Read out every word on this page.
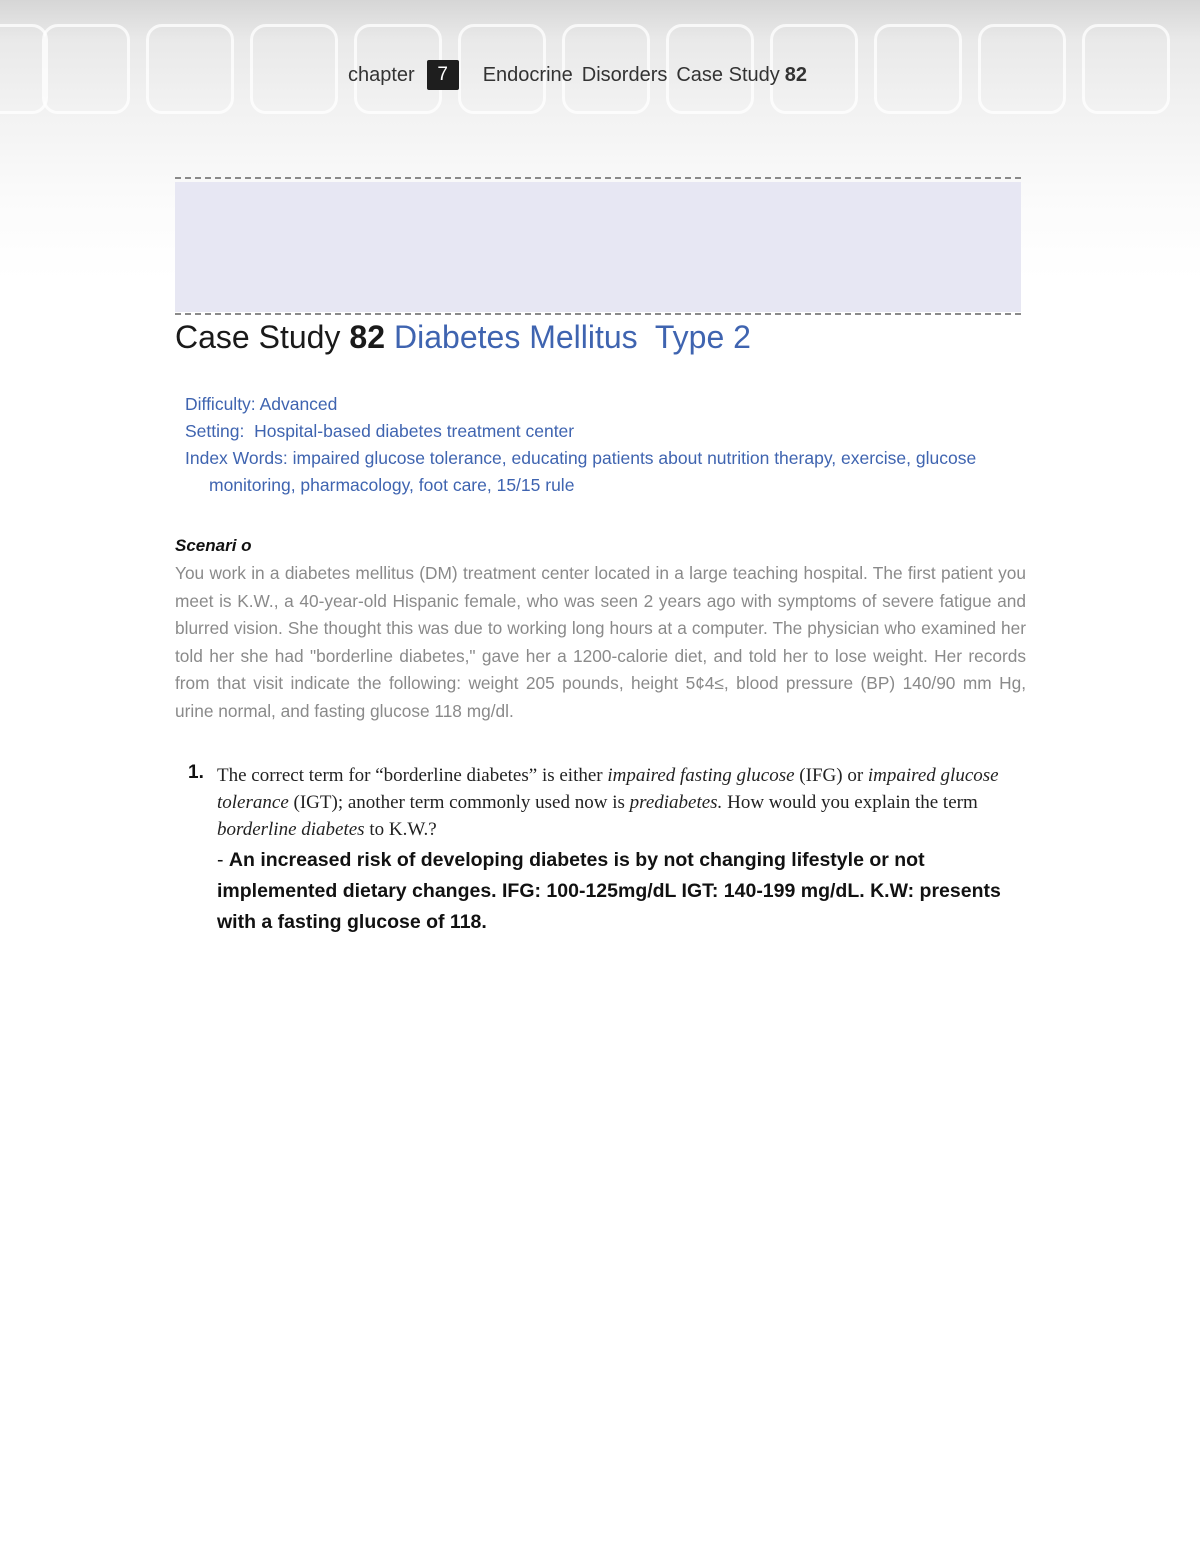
chapter	7	Endocrine Disorders Case Study 82
Case Study 82 Diabetes Mellitus  Type 2
Difficulty: Advanced
Setting:  Hospital-based diabetes treatment center
Index Words: impaired glucose tolerance, educating patients about nutrition therapy, exercise, glucose
monitoring, pharmacology, foot care, 15/15 rule
Scenari o
You work in a diabetes mellitus (DM) treatment center located in a large teaching hospital. The first patient you meet is K.W., a 40-year-old Hispanic female, who was seen 2 years ago with symptoms of severe fatigue and blurred vision. She thought this was due to working long hours at a computer. The physician who examined her told her she had "borderline diabetes," gave her a 1200-calorie diet, and told her to lose weight. Her records from that visit indicate the following: weight 205 pounds, height 5¢4≤, blood pressure (BP) 140/90 mm Hg, urine normal, and fasting glucose 118 mg/dl.
1. The correct term for “borderline diabetes” is either impaired fasting glucose (IFG) or impaired glucose tolerance (IGT); another term commonly used now is prediabetes. How would you explain the term borderline diabetes to K.W.?
- An increased risk of developing diabetes is by not changing lifestyle or not implemented dietary changes. IFG: 100-125mg/dL IGT: 140-199 mg/dL. K.W: presents with a fasting glucose of 118.
